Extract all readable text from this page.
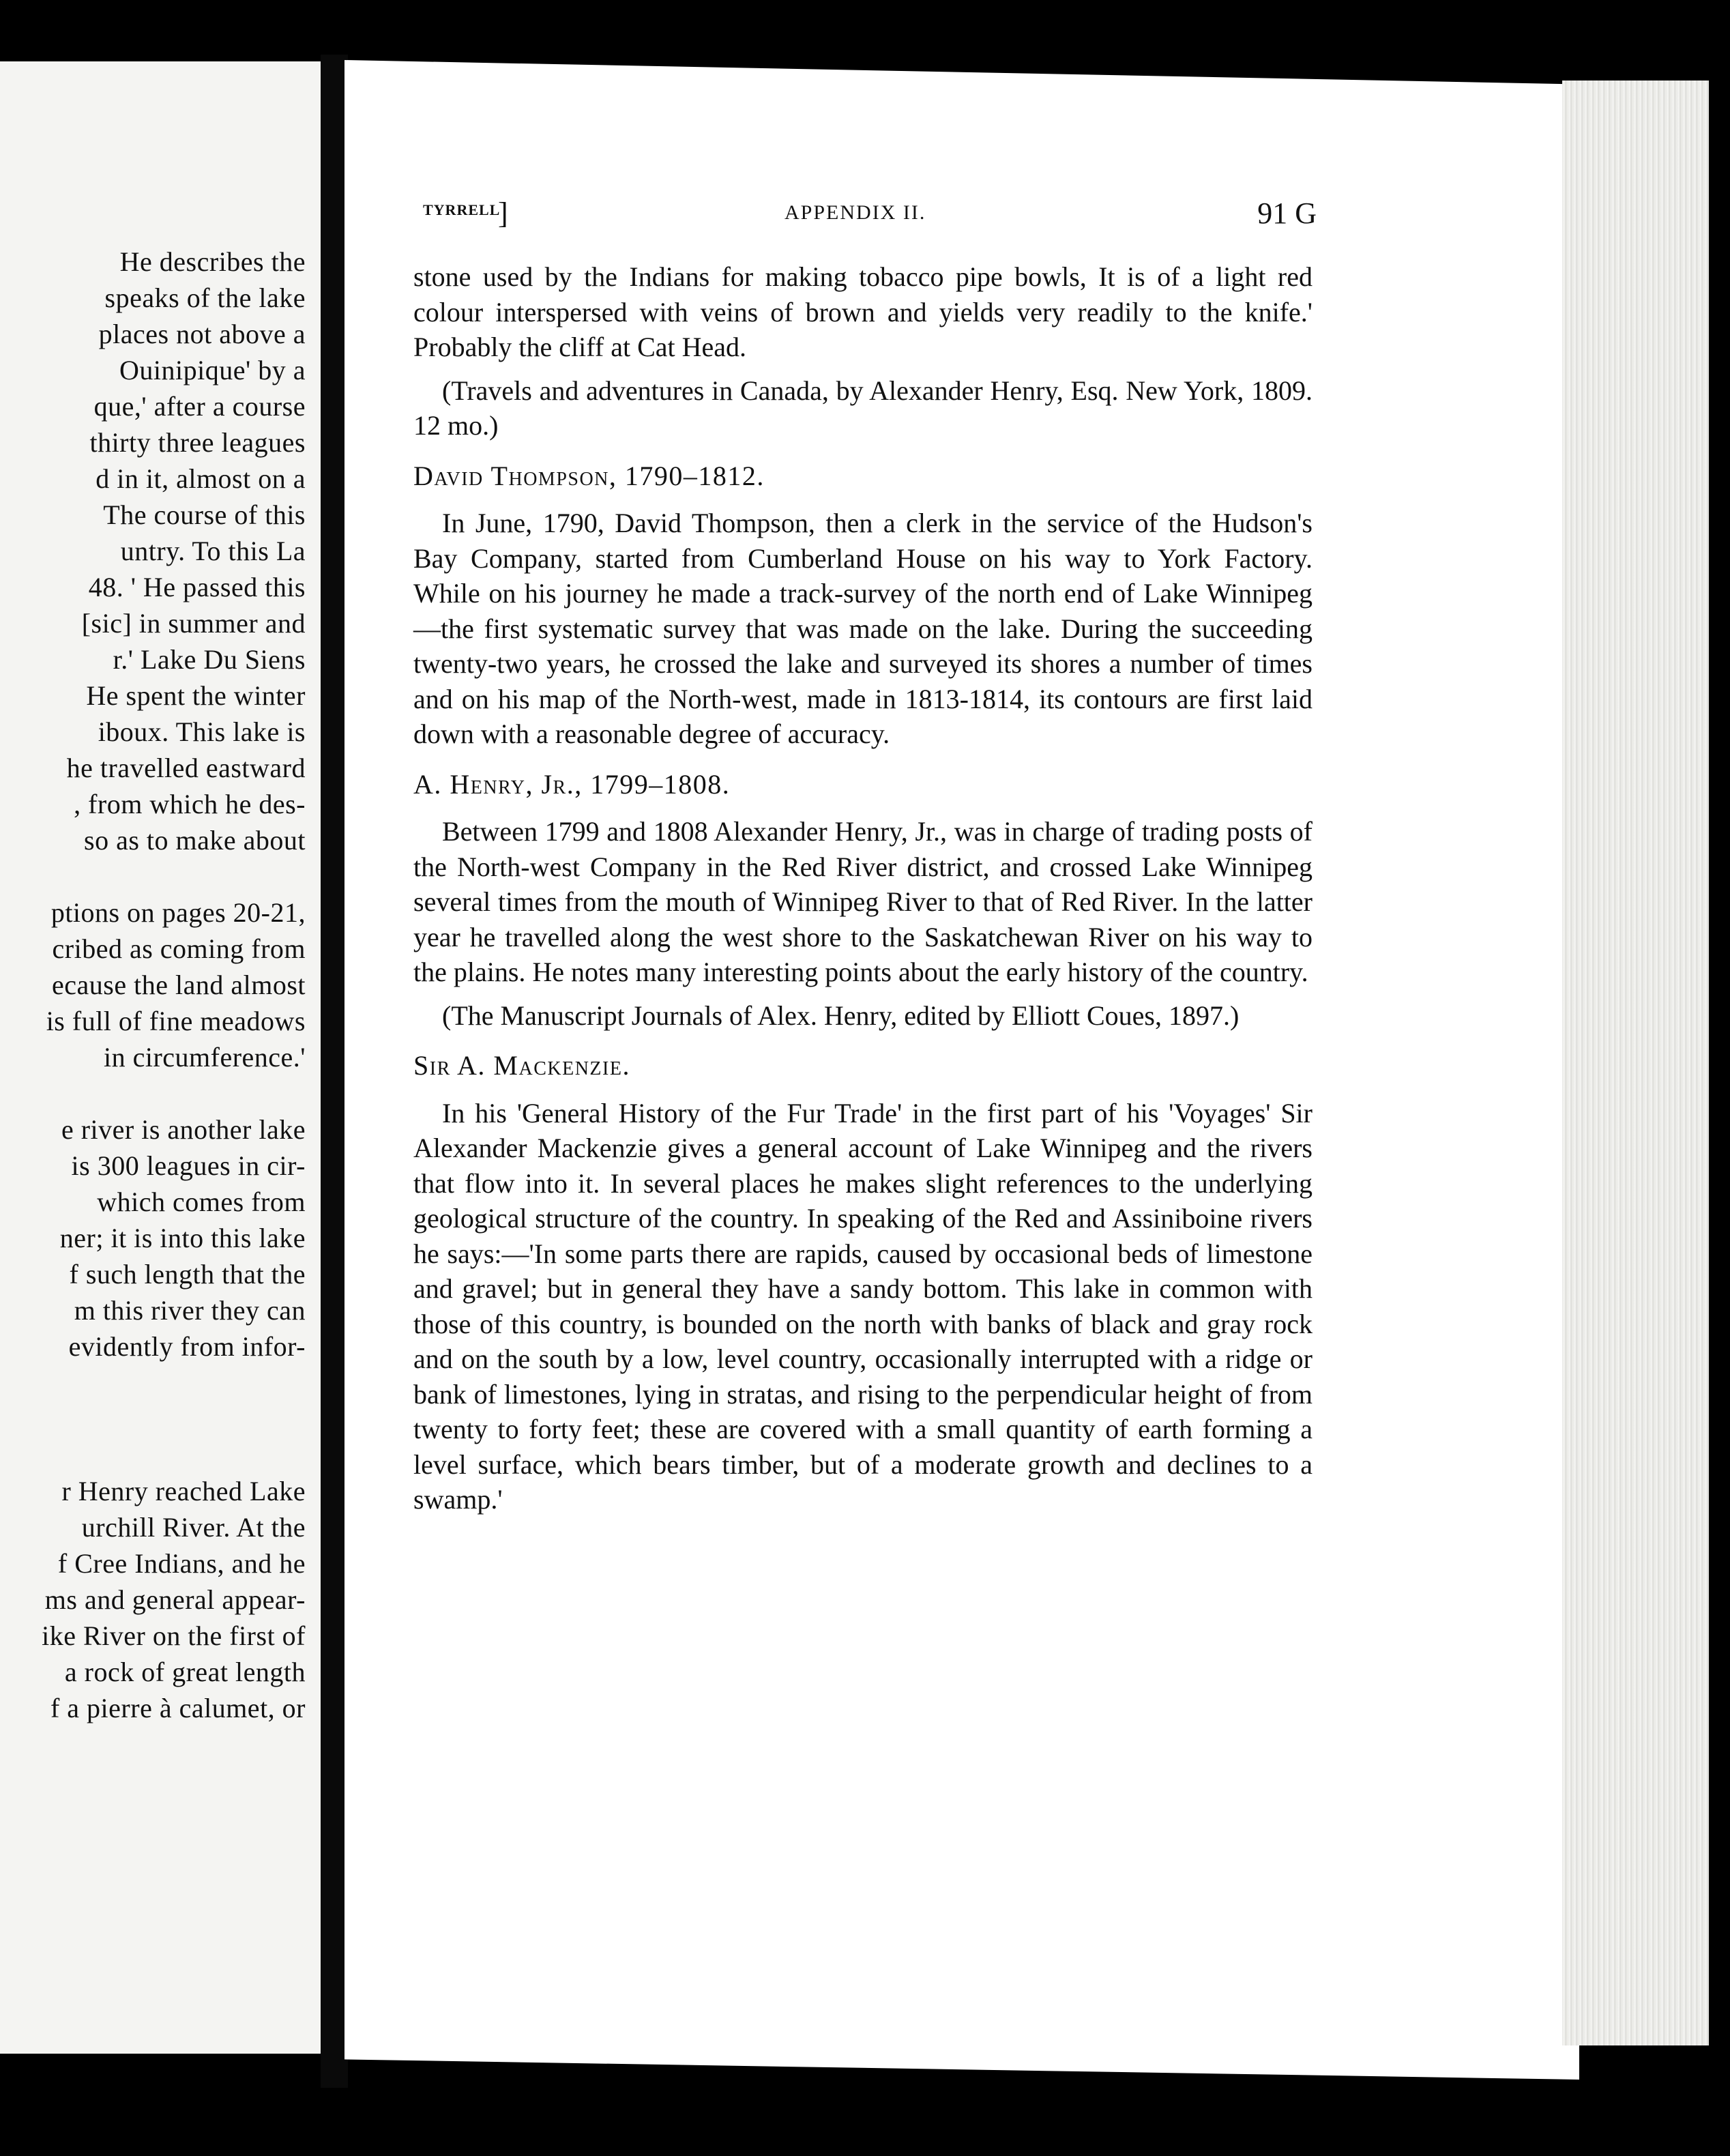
He describes the
speaks of the lake
places not above a
Ouinipique' by a
que,' after a course
thirty three leagues
d in it, almost on a
The course of this
untry. To this La
48. ' He passed this
[sic] in summer and
r.' Lake Du Siens
He spent the winter
iboux. This lake is
he travelled eastward
, from which he des-
so as to make about
ptions on pages 20-21,
cribed as coming from
ecause the land almost
is full of fine meadows
in circumference.'
e river is another lake
is 300 leagues in cir-
which comes from
ner; it is into this lake
f such length that the
m this river they can
evidently from infor-
r Henry reached Lake
urchill River. At the
f Cree Indians, and he
ms and general appear-
ike River on the first of
a rock of great length
f a pierre à calumet, or
TYRRELL
]	APPENDIX II.	91 G

stone used by the Indians for making tobacco pipe bowls, It is of a light red colour interspersed with veins of brown and yields very readily to the knife.' Probably the cliff at Cat Head.

(Travels and adventures in Canada, by Alexander Henry, Esq. New York, 1809. 12 mo.)

David Thompson, 1790–1812.

In June, 1790, David Thompson, then a clerk in the service of the Hudson's Bay Company, started from Cumberland House on his way to York Factory. While on his journey he made a track-survey of the north end of Lake Winnipeg—the first systematic survey that was made on the lake. During the succeeding twenty-two years, he crossed the lake and surveyed its shores a number of times and on his map of the North-west, made in 1813-1814, its contours are first laid down with a reasonable degree of accuracy.

A. Henry, Jr., 1799–1808.

Between 1799 and 1808 Alexander Henry, Jr., was in charge of trading posts of the North-west Company in the Red River district, and crossed Lake Winnipeg several times from the mouth of Winnipeg River to that of Red River. In the latter year he travelled along the west shore to the Saskatchewan River on his way to the plains. He notes many interesting points about the early history of the country.

(The Manuscript Journals of Alex. Henry, edited by Elliott Coues, 1897.)

Sir A. Mackenzie.

In his 'General History of the Fur Trade' in the first part of his 'Voyages' Sir Alexander Mackenzie gives a general account of Lake Winnipeg and the rivers that flow into it. In several places he makes slight references to the underlying geological structure of the country. In speaking of the Red and Assiniboine rivers he says:—'In some parts there are rapids, caused by occasional beds of limestone and gravel; but in general they have a sandy bottom. This lake in common with those of this country, is bounded on the north with banks of black and gray rock and on the south by a low, level country, occasionally interrupted with a ridge or bank of limestones, lying in stratas, and rising to the perpendicular height of from twenty to forty feet; these are covered with a small quantity of earth forming a level surface, which bears timber, but of a moderate growth and declines to a swamp.'
